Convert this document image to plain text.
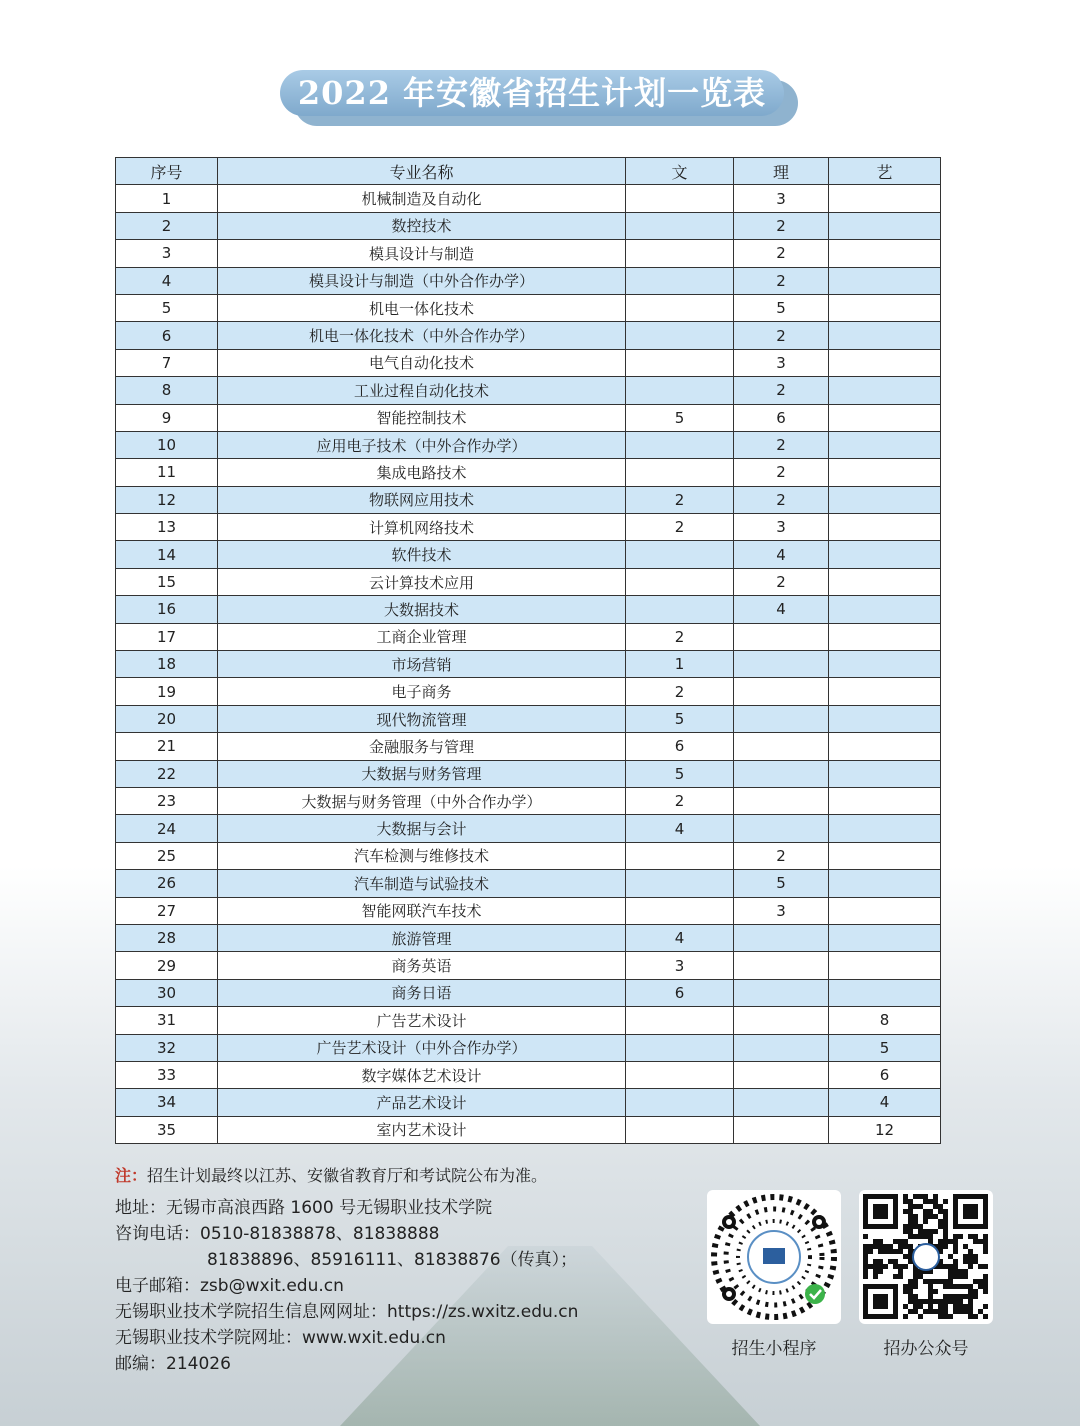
2022 年安徽省招生计划一览表
序号	专业名称	文	理	艺
1	机械制造及自动化		3	
2	数控技术		2	
3	模具设计与制造		2	
4	模具设计与制造（中外合作办学）		2	
5	机电一体化技术		5	
6	机电一体化技术（中外合作办学）		2	
7	电气自动化技术		3	
8	工业过程自动化技术		2	
9	智能控制技术	5	6	
10	应用电子技术（中外合作办学）		2	
11	集成电路技术		2	
12	物联网应用技术	2	2	
13	计算机网络技术	2	3	
14	软件技术		4	
15	云计算技术应用		2	
16	大数据技术		4	
17	工商企业管理	2		
18	市场营销	1		
19	电子商务	2		
20	现代物流管理	5		
21	金融服务与管理	6		
22	大数据与财务管理	5		
23	大数据与财务管理（中外合作办学）	2		
24	大数据与会计	4		
25	汽车检测与维修技术		2	
26	汽车制造与试验技术		5	
27	智能网联汽车技术		3	
28	旅游管理	4		
29	商务英语	3		
30	商务日语	6		
31	广告艺术设计			8
32	广告艺术设计（中外合作办学）			5
33	数字媒体艺术设计			6
34	产品艺术设计			4
35	室内艺术设计			12
注：招生计划最终以江苏、安徽省教育厅和考试院公布为准。
地址：无锡市高浪西路 1600 号无锡职业技术学院
咨询电话：0510-81838878、81838888
81838896、85916111、81838876（传真）；
电子邮箱：zsb@wxit.edu.cn
无锡职业技术学院招生信息网网址：https://zs.wxitz.edu.cn
无锡职业技术学院网址：www.wxit.edu.cn
邮编：214026
招生小程序	招办公众号
